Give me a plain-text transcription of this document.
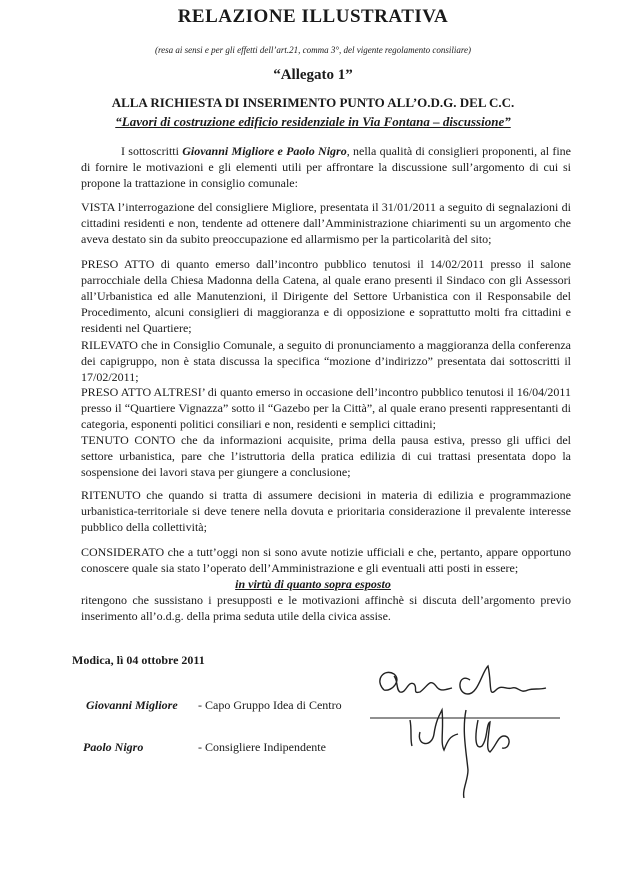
RELAZIONE ILLUSTRATIVA
(resa ai sensi e per gli effetti dell’art.21, comma 3°, del vigente regolamento consiliare)
“Allegato 1”
ALLA RICHIESTA DI INSERIMENTO PUNTO ALL’O.D.G. DEL C.C.
“Lavori di costruzione edificio residenziale in Via Fontana – discussione”
I sottoscritti Giovanni Migliore e Paolo Nigro, nella qualità di consiglieri proponenti, al fine di fornire le motivazioni e gli elementi utili per affrontare la discussione sull’argomento di cui si propone la trattazione in consiglio comunale:
VISTA l’interrogazione del consigliere Migliore, presentata il 31/01/2011 a seguito di segnalazioni di cittadini residenti e non, tendente ad ottenere dall’Amministrazione chiarimenti su un argomento che aveva destato sin da subito preoccupazione ed allarmismo per la particolarità del sito;
PRESO ATTO di quanto emerso dall’incontro pubblico tenutosi il 14/02/2011 presso il salone parrocchiale della Chiesa Madonna della Catena, al quale erano presenti il Sindaco con gli Assessori all’Urbanistica ed alle Manutenzioni, il Dirigente del Settore Urbanistica con il Responsabile del Procedimento, alcuni consiglieri di maggioranza e di opposizione e soprattutto molti fra cittadini e residenti nel Quartiere;
RILEVATO che in Consiglio Comunale, a seguito di pronunciamento a maggioranza della conferenza dei capigruppo, non è stata discussa la specifica “mozione d’indirizzo” presentata dai sottoscritti il 17/02/2011;
PRESO ATTO ALTRESI’ di quanto emerso in occasione dell’incontro pubblico tenutosi il 16/04/2011 presso il “Quartiere Vignazza” sotto il “Gazebo per la Città”, al quale erano presenti rappresentanti di categoria, esponenti politici consiliari e non, residenti e semplici cittadini;
TENUTO CONTO che da informazioni acquisite, prima della pausa estiva, presso gli uffici del settore urbanistica, pare che l’istruttoria della pratica edilizia di cui trattasi presentata dopo la sospensione dei lavori stava per giungere a conclusione;
RITENUTO che quando si tratta di assumere decisioni in materia di edilizia e programmazione urbanistica-territoriale si deve tenere nella dovuta e prioritaria considerazione il prevalente interesse pubblico della collettività;
CONSIDERATO che a tutt’oggi non si sono avute notizie ufficiali e che, pertanto, appare opportuno conoscere quale sia stato l’operato dell’Amministrazione e gli eventuali atti posti in essere;
in virtù di quanto sopra esposto
ritengono che sussistano i presupposti e le motivazioni affinchè si discuta dell’argomento previo inserimento all’o.d.g. della prima seduta utile della civica assise.
Modica, lì 04 ottobre 2011
Giovanni Migliore - Capo Gruppo Idea di Centro
Paolo Nigro	- Consigliere Indipendente
